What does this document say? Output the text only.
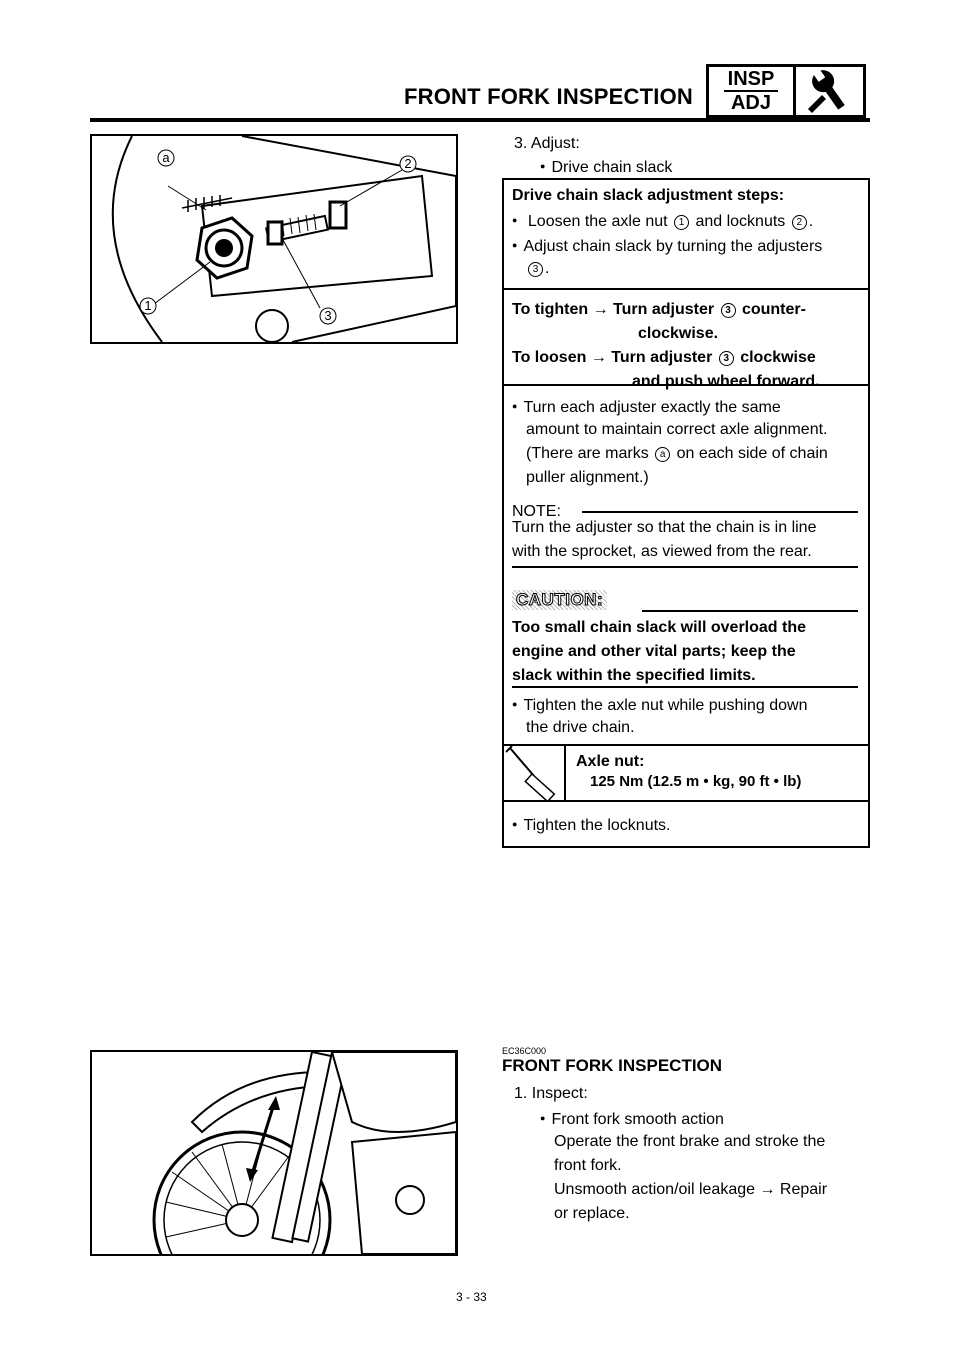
FRONT FORK INSPECTION
INSP
ADJ
a	2
1
3
3. Adjust:
● Drive chain slack
Drive chain slack adjustment steps:
● Loosen the axle nut 1 and locknuts 2 .
● Adjust chain slack by turning the adjusters
3 .
To tighten → Turn adjuster 3 counter-
clockwise.
To loosen → Turn adjuster 3 clockwise
and push wheel forward.
● Turn each adjuster exactly the same
amount to maintain correct axle alignment.
(There are marks a on each side of chain
puller alignment.)
NOTE:
Turn the adjuster so that the chain is in line
with the sprocket, as viewed from the rear.
CAUTION:
Too small chain slack will overload the
engine and other vital parts; keep the
slack within the specified limits.
● Tighten the axle nut while pushing down
the drive chain.
Axle nut:
125 Nm (12.5 m • kg, 90 ft • lb)
● Tighten the locknuts.
EC36C000
FRONT FORK INSPECTION
1. Inspect:
● Front fork smooth action
Operate the front brake and stroke the
front fork.
Unsmooth action/oil leakage → Repair
or replace.
3 - 33
